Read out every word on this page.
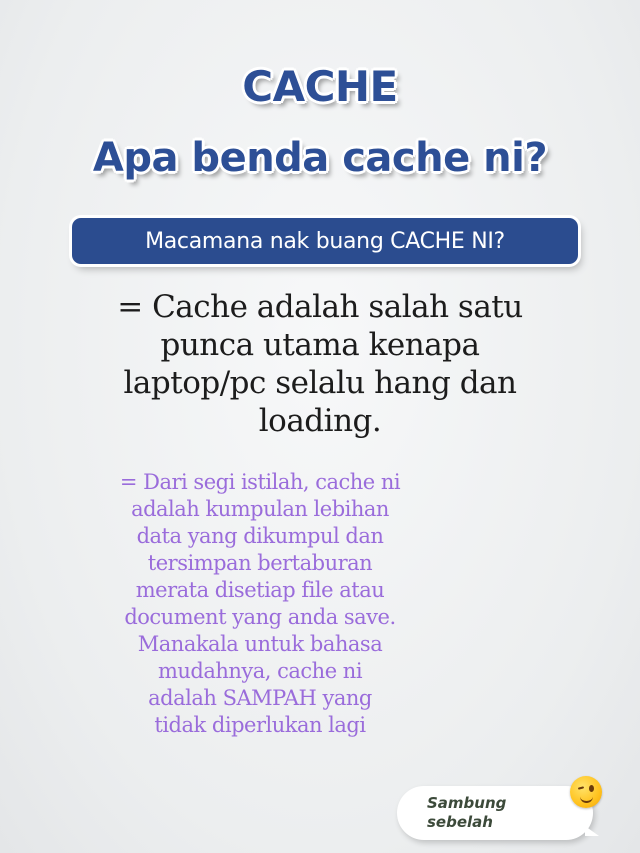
CACHE
Apa benda cache ni?
Macamana nak buang CACHE NI?
= Cache adalah salah satu
punca utama kenapa
laptop/pc selalu hang dan
loading.
= Dari segi istilah, cache ni
adalah kumpulan lebihan
data yang dikumpul dan
tersimpan bertaburan
merata disetiap file atau
document yang anda save.
Manakala untuk bahasa
mudahnya, cache ni
adalah SAMPAH yang
tidak diperlukan lagi
Sambung
sebelah
